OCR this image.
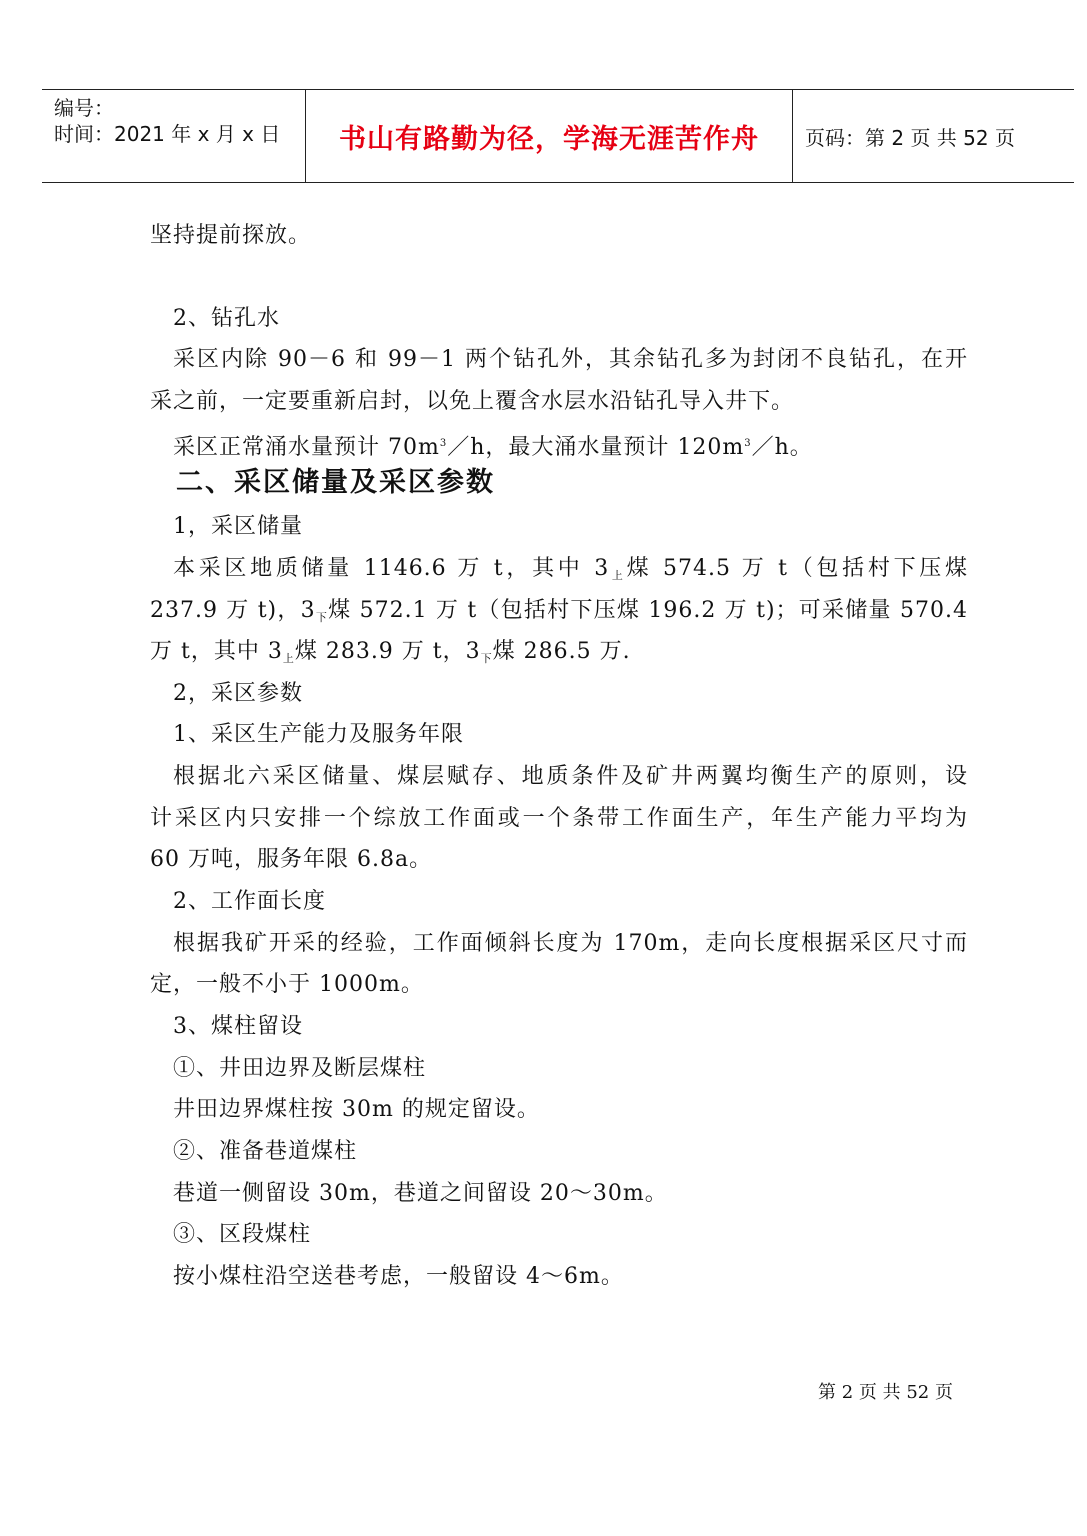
编号：
时间：2021 年 x 月 x 日 书山有路勤为径，学海无涯苦作舟 页码：第 2 页 共 52 页
坚持提前探放。
2、钻孔水
采区内除 90－6 和 99－1 两个钻孔外，其余钻孔多为封闭不良钻孔，在开
采之前，一定要重新启封，以免上覆含水层水沿钻孔导入井下。
采区正常涌水量预计 $70m^3/h$，最大涌水量预计 $120m^3/h$。
二、采区储量及采区参数
1，采区储量
本采区地质储量 1146.6 万 t，其中 $3_上$煤 574.5 万 t（包括村下压煤
237.9 万 t)，$3_下$煤 572.1 万 t（包括村下压煤 196.2 万 t)；可采储量 570.4
万 t，其中 $3_上$煤 283.9 万 t，$3_下$煤 286.5 万.
2，采区参数
1、采区生产能力及服务年限
根据北六采区储量、煤层赋存、地质条件及矿井两翼均衡生产的原则，设
计采区内只安排一个综放工作面或一个条带工作面生产，年生产能力平均为
60 万吨，服务年限 6.8a。
2、工作面长度
根据我矿开采的经验，工作面倾斜长度为 170m，走向长度根据采区尺寸而
定，一般不小于 1000m。
3、煤柱留设
①、井田边界及断层煤柱
井田边界煤柱按 30m 的规定留设。
②、准备巷道煤柱
巷道一侧留设 30m，巷道之间留设 20～30m。
③、区段煤柱
按小煤柱沿空送巷考虑，一般留设 4～6m。
第 2 页 共 52 页
